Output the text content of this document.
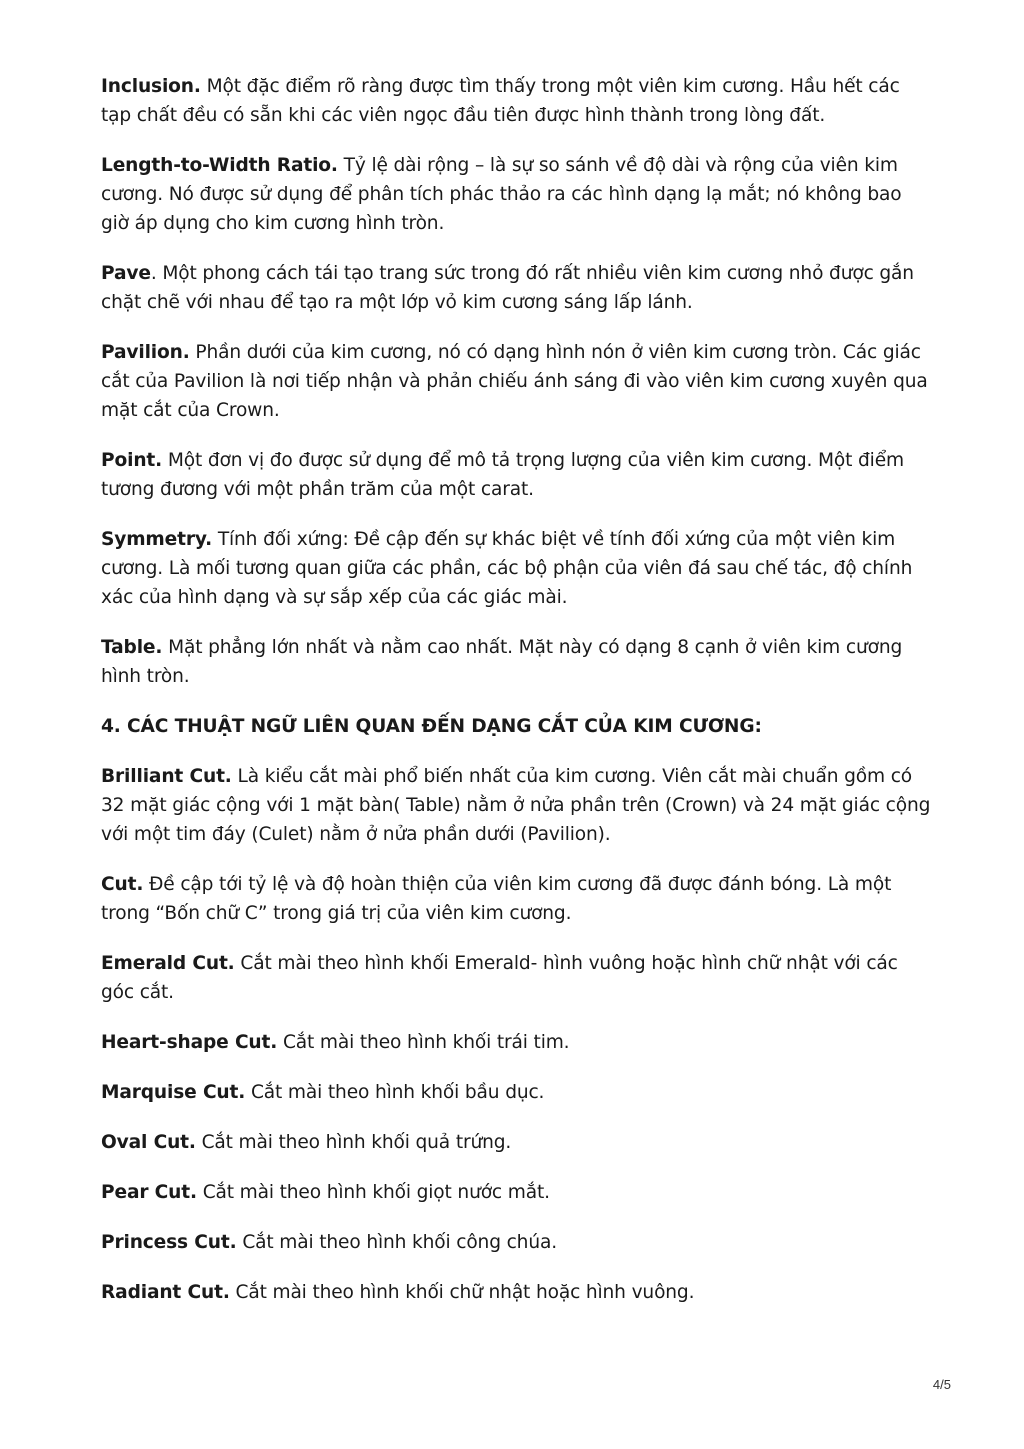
Inclusion. Một đặc điểm rõ ràng được tìm thấy trong một viên kim cương. Hầu hết các tạp chất đều có sẵn khi các viên ngọc đầu tiên được hình thành trong lòng đất.

Length-to-Width Ratio. Tỷ lệ dài rộng – là sự so sánh về độ dài và rộng của viên kim cương. Nó được sử dụng để phân tích phác thảo ra các hình dạng lạ mắt; nó không bao giờ áp dụng cho kim cương hình tròn.

Pave. Một phong cách tái tạo trang sức trong đó rất nhiều viên kim cương nhỏ được gắn chặt chẽ với nhau để tạo ra một lớp vỏ kim cương sáng lấp lánh.

Pavilion. Phần dưới của kim cương, nó có dạng hình nón ở viên kim cương tròn. Các giác cắt của Pavilion là nơi tiếp nhận và phản chiếu ánh sáng đi vào viên kim cương xuyên qua mặt cắt của Crown.

Point. Một đơn vị đo được sử dụng để mô tả trọng lượng của viên kim cương. Một điểm tương đương với một phần trăm của một carat.

Symmetry. Tính đối xứng: Đề cập đến sự khác biệt về tính đối xứng của một viên kim cương. Là mối tương quan giữa các phần, các bộ phận của viên đá sau chế tác, độ chính xác của hình dạng và sự sắp xếp của các giác mài.

Table. Mặt phẳng lớn nhất và nằm cao nhất. Mặt này có dạng 8 cạnh ở viên kim cương hình tròn.

4. CÁC THUẬT NGỮ LIÊN QUAN ĐẾN DẠNG CẮT CỦA KIM CƯƠNG:

Brilliant Cut. Là kiểu cắt mài phổ biến nhất của kim cương. Viên cắt mài chuẩn gồm có 32 mặt giác cộng với 1 mặt bàn( Table) nằm ở nửa phần trên (Crown) và 24 mặt giác cộng với một tim đáy (Culet) nằm ở nửa phần dưới (Pavilion).

Cut. Đề cập tới tỷ lệ và độ hoàn thiện của viên kim cương đã được đánh bóng. Là một trong “Bốn chữ C” trong giá trị của viên kim cương.

Emerald Cut. Cắt mài theo hình khối Emerald- hình vuông hoặc hình chữ nhật với các góc cắt.

Heart-shape Cut. Cắt mài theo hình khối trái tim.

Marquise Cut. Cắt mài theo hình khối bầu dục.

Oval Cut. Cắt mài theo hình khối quả trứng.

Pear Cut. Cắt mài theo hình khối giọt nước mắt.

Princess Cut. Cắt mài theo hình khối công chúa.

Radiant Cut. Cắt mài theo hình khối chữ nhật hoặc hình vuông.

4/5
